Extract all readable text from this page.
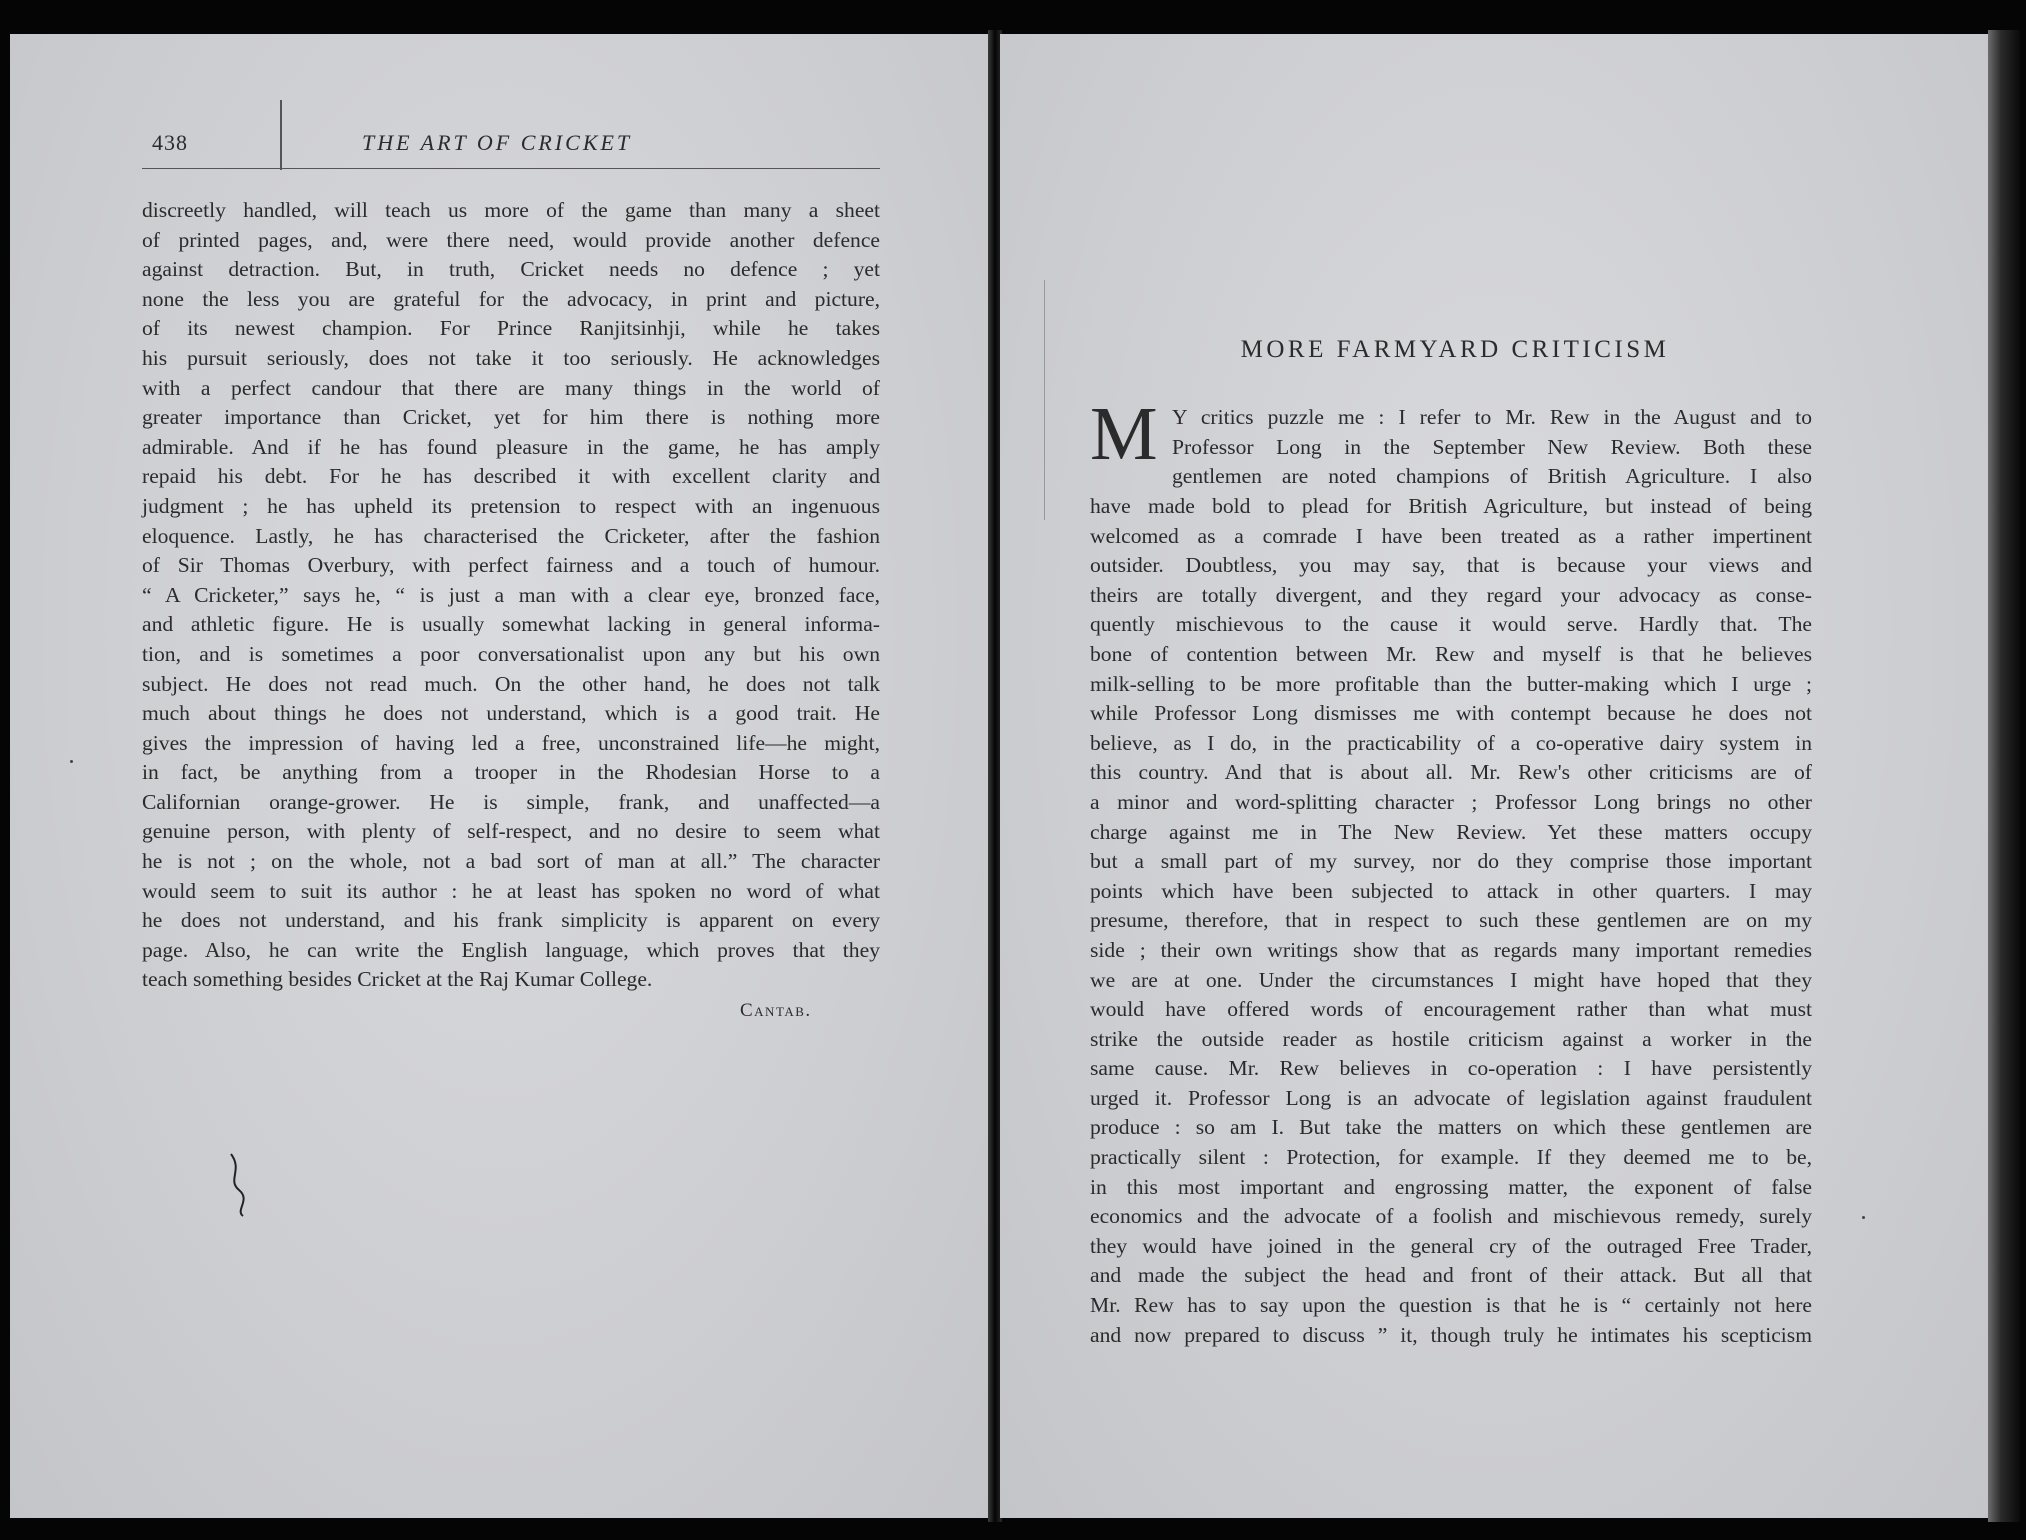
438	THE ART OF CRICKET
discreetly handled, will teach us more of the game than many a sheet
of printed pages, and, were there need, would provide another defence
against detraction. But, in truth, Cricket needs no defence ; yet
none the less you are grateful for the advocacy, in print and picture,
of its newest champion. For Prince Ranjitsinhji, while he takes
his pursuit seriously, does not take it too seriously. He acknowledges
with a perfect candour that there are many things in the world of
greater importance than Cricket, yet for him there is nothing more
admirable. And if he has found pleasure in the game, he has amply
repaid his debt. For he has described it with excellent clarity and
judgment ; he has upheld its pretension to respect with an ingenuous
eloquence. Lastly, he has characterised the Cricketer, after the fashion
of Sir Thomas Overbury, with perfect fairness and a touch of humour.
“ A Cricketer,” says he, “ is just a man with a clear eye, bronzed face,
and athletic figure. He is usually somewhat lacking in general informa-
tion, and is sometimes a poor conversationalist upon any but his own
subject. He does not read much. On the other hand, he does not talk
much about things he does not understand, which is a good trait. He
gives the impression of having led a free, unconstrained life—he might,
in fact, be anything from a trooper in the Rhodesian Horse to a
Californian orange-grower. He is simple, frank, and unaffected—a
genuine person, with plenty of self-respect, and no desire to seem what
he is not ; on the whole, not a bad sort of man at all.” The character
would seem to suit its author : he at least has spoken no word of what
he does not understand, and his frank simplicity is apparent on every
page. Also, he can write the English language, which proves that they
teach something besides Cricket at the Raj Kumar College.
Cantab.
MORE FARMYARD CRITICISM
M Y critics puzzle me : I refer to Mr. Rew in the August and to
Professor Long in the September New Review. Both these
gentlemen are noted champions of British Agriculture. I also
have made bold to plead for British Agriculture, but instead of being
welcomed as a comrade I have been treated as a rather impertinent
outsider. Doubtless, you may say, that is because your views and
theirs are totally divergent, and they regard your advocacy as conse-
quently mischievous to the cause it would serve. Hardly that. The
bone of contention between Mr. Rew and myself is that he believes
milk-selling to be more profitable than the butter-making which I urge ;
while Professor Long dismisses me with contempt because he does not
believe, as I do, in the practicability of a co-operative dairy system in
this country. And that is about all. Mr. Rew's other criticisms are of
a minor and word-splitting character ; Professor Long brings no other
charge against me in The New Review. Yet these matters occupy
but a small part of my survey, nor do they comprise those important
points which have been subjected to attack in other quarters. I may
presume, therefore, that in respect to such these gentlemen are on my
side ; their own writings show that as regards many important remedies
we are at one. Under the circumstances I might have hoped that they
would have offered words of encouragement rather than what must
strike the outside reader as hostile criticism against a worker in the
same cause. Mr. Rew believes in co-operation : I have persistently
urged it. Professor Long is an advocate of legislation against fraudulent
produce : so am I. But take the matters on which these gentlemen are
practically silent : Protection, for example. If they deemed me to be,
in this most important and engrossing matter, the exponent of false
economics and the advocate of a foolish and mischievous remedy, surely
they would have joined in the general cry of the outraged Free Trader,
and made the subject the head and front of their attack. But all that
Mr. Rew has to say upon the question is that he is “ certainly not here
and now prepared to discuss ” it, though truly he intimates his scepticism
